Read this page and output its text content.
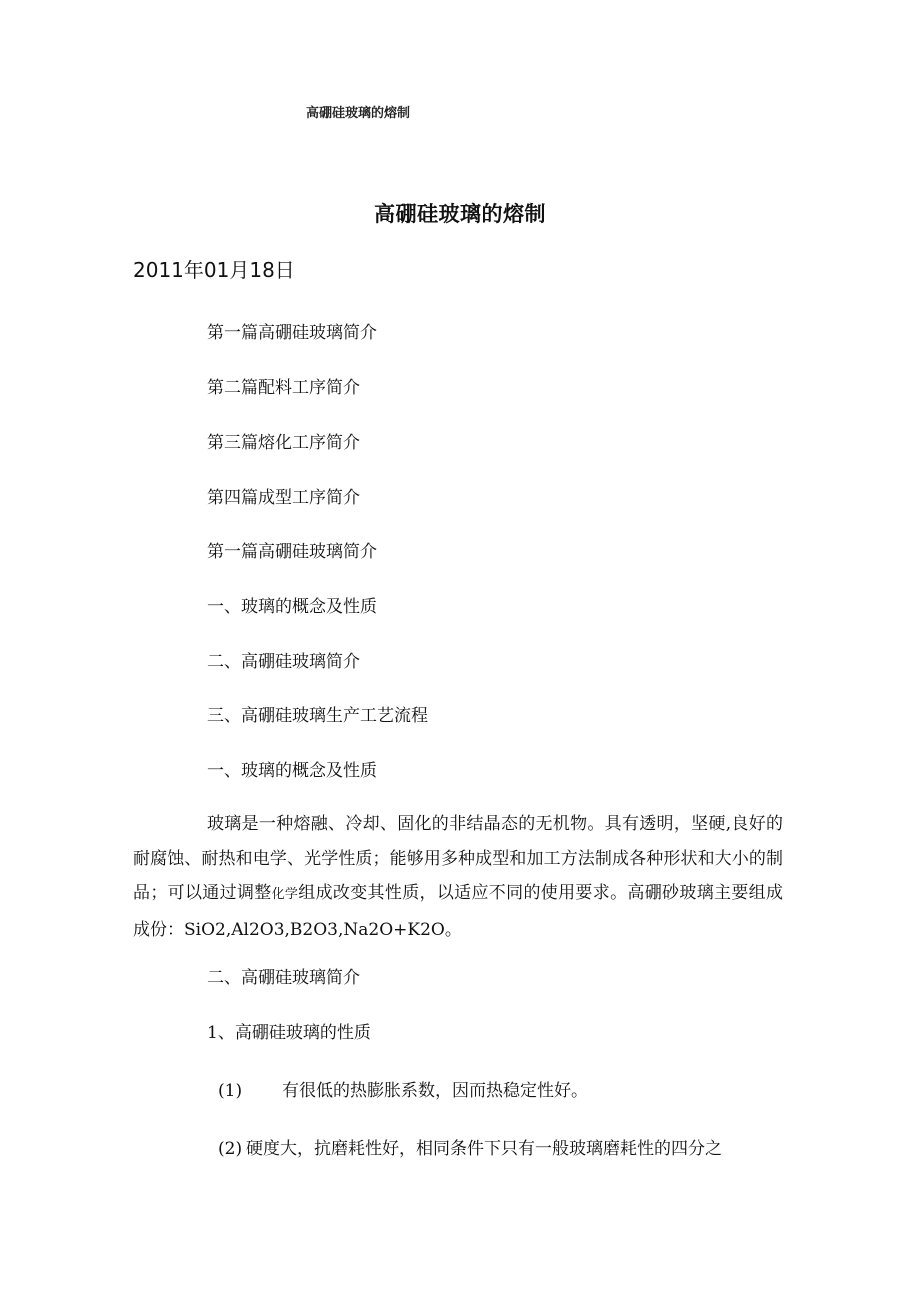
高硼硅玻璃的熔制
高硼硅玻璃的熔制
2011年01月18日
第一篇高硼硅玻璃简介
第二篇配料工序简介
第三篇熔化工序简介
第四篇成型工序简介
第一篇高硼硅玻璃简介
一、玻璃的概念及性质
二、高硼硅玻璃简介
三、高硼硅玻璃生产工艺流程
一、玻璃的概念及性质
玻璃是一种熔融、冷却、固化的非结晶态的无机物。具有透明，坚硬,良好的耐腐蚀、耐热和电学、光学性质；能够用多种成型和加工方法制成各种形状和大小的制品；可以通过调整化学组成改变其性质，以适应不同的使用要求。高硼砂玻璃主要组成成份：SiO2,Al2O3,B2O3,Na2O+K2O。
二、高硼硅玻璃简介
1、高硼硅玻璃的性质
(1) 有很低的热膨胀系数，因而热稳定性好。
(2) 硬度大，抗磨耗性好，相同条件下只有一般玻璃磨耗性的四分之
